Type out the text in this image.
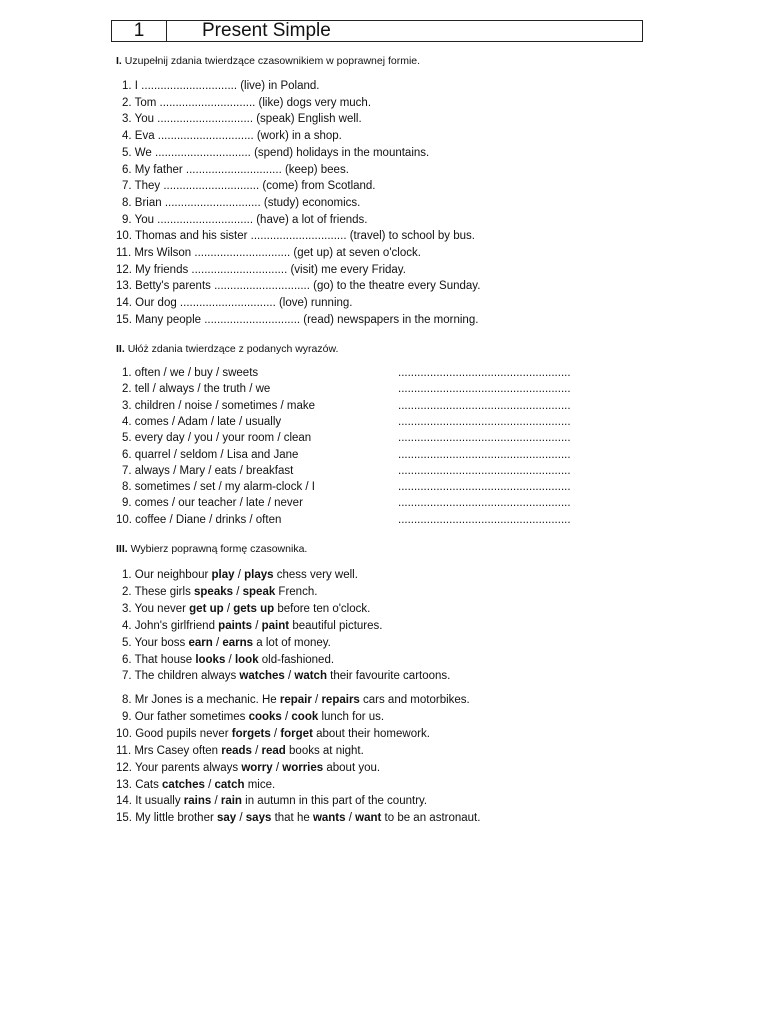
1	Present Simple
I. Uzupełnij zdania twierdzące czasownikiem w poprawnej formie.
1. I .............................. (live) in Poland.
2. Tom .............................. (like) dogs very much.
3. You .............................. (speak) English well.
4. Eva .............................. (work) in a shop.
5. We .............................. (spend) holidays in the mountains.
6. My father .............................. (keep) bees.
7. They .............................. (come) from Scotland.
8. Brian .............................. (study) economics.
9. You .............................. (have) a lot of friends.
10. Thomas and his sister .............................. (travel) to school by bus.
11. Mrs Wilson .............................. (get up) at seven o'clock.
12. My friends .............................. (visit) me every Friday.
13. Betty's parents .............................. (go) to the theatre every Sunday.
14. Our dog .............................. (love) running.
15. Many people .............................. (read) newspapers in the morning.
II. Ułóż zdania twierdzące z podanych wyrazów.
1. often / we / buy / sweets	......................................................
2. tell / always / the truth / we	......................................................
3. children / noise / sometimes / make	......................................................
4. comes / Adam / late / usually	......................................................
5. every day / you / your room / clean	......................................................
6. quarrel / seldom / Lisa and Jane	......................................................
7. always / Mary / eats / breakfast	......................................................
8. sometimes / set / my alarm-clock / I	......................................................
9. comes / our teacher / late / never	......................................................
10. coffee / Diane / drinks / often	......................................................
III. Wybierz poprawną formę czasownika.
1. Our neighbour play / plays chess very well.
2. These girls speaks / speak French.
3. You never get up / gets up before ten o'clock.
4. John's girlfriend paints / paint beautiful pictures.
5. Your boss earn / earns a lot of money.
6. That house looks / look old-fashioned.
7. The children always watches / watch their favourite cartoons.
8. Mr Jones is a mechanic. He repair / repairs cars and motorbikes.
9. Our father sometimes cooks / cook lunch for us.
10. Good pupils never forgets / forget about their homework.
11. Mrs Casey often reads / read books at night.
12. Your parents always worry / worries about you.
13. Cats catches / catch mice.
14. It usually rains / rain in autumn in this part of the country.
15. My little brother say / says that he wants / want to be an astronaut.
